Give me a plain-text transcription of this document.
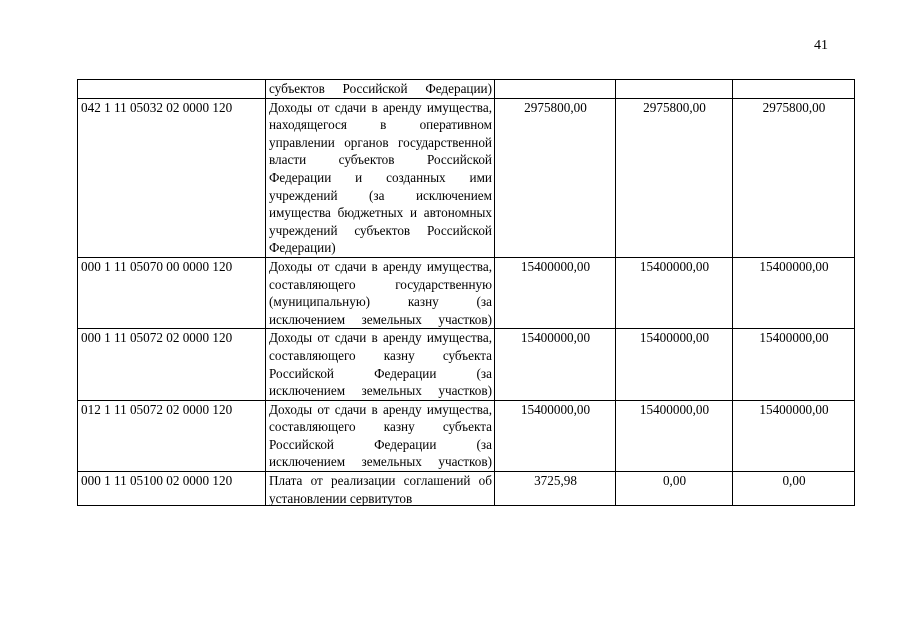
41
	субъектов Российской Федерации)			
042 1 11 05032 02 0000 120	Доходы от сдачи в аренду имущества, находящегося в оперативном управлении органов государственной власти субъектов Российской Федерации и созданных ими учреждений (за исключением имущества бюджетных и автономных учреждений субъектов Российской Федерации)	2975800,00	2975800,00	2975800,00
000 1 11 05070 00 0000 120	Доходы от сдачи в аренду имущества, составляющего государственную (муниципальную) казну (за исключением земельных участков)	15400000,00	15400000,00	15400000,00
000 1 11 05072 02 0000 120	Доходы от сдачи в аренду имущества, составляющего казну субъекта Российской Федерации (за исключением земельных участков)	15400000,00	15400000,00	15400000,00
012 1 11 05072 02 0000 120	Доходы от сдачи в аренду имущества, составляющего казну субъекта Российской Федерации (за исключением земельных участков)	15400000,00	15400000,00	15400000,00
000 1 11 05100 02 0000 120	Плата от реализации соглашений об установлении сервитутов	3725,98	0,00	0,00
